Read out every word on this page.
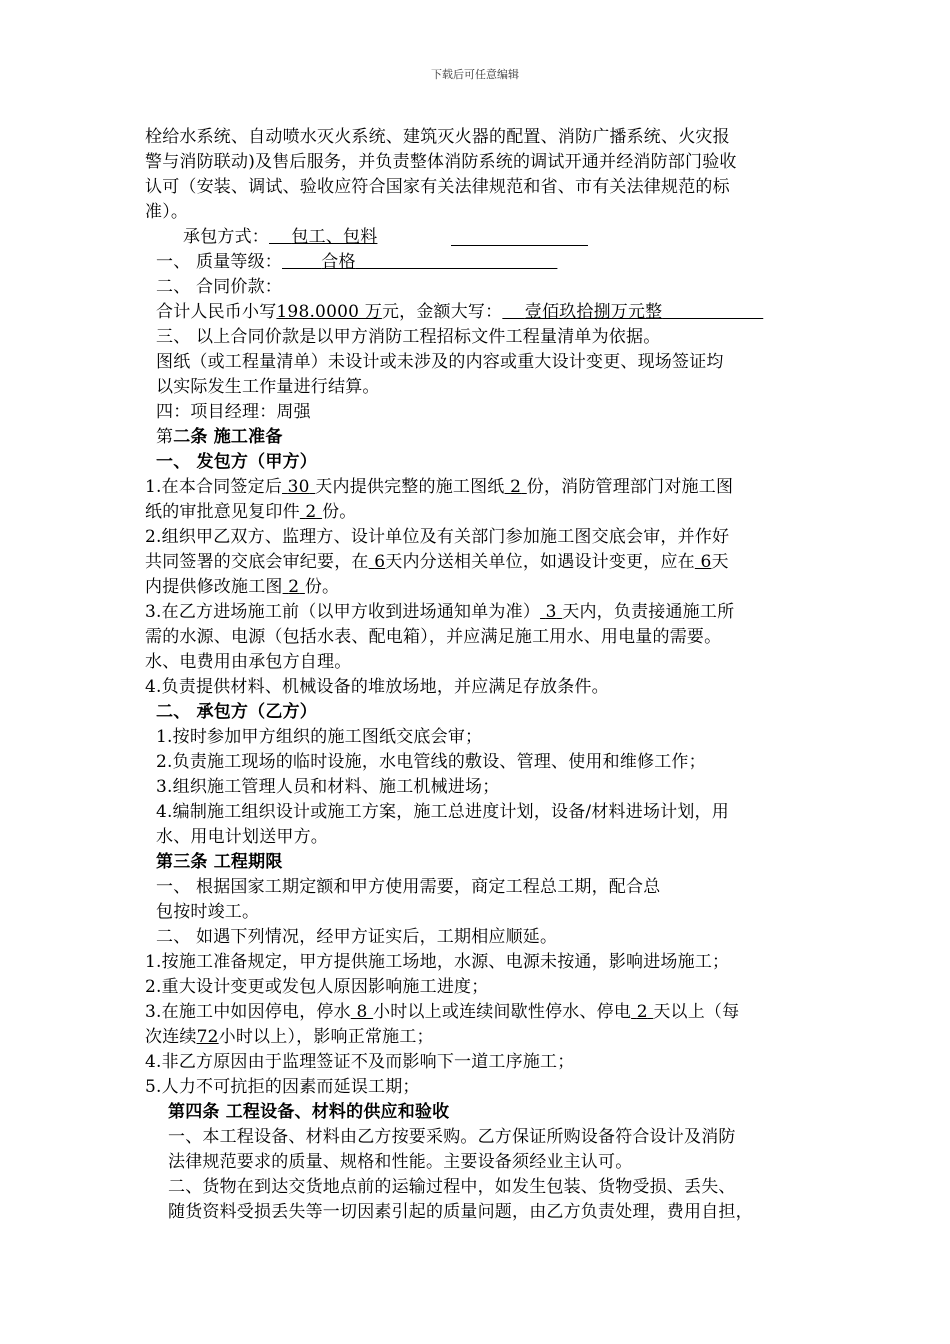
下载后可任意编辑
栓给水系统、自动喷水灭火系统、建筑灭火器的配置、消防广播系统、火灾报
警与消防联动)及售后服务，并负责整体消防系统的调试开通并经消防部门验收
认可（安装、调试、验收应符合国家有关法律规范和省、市有关法律规范的标
准）。
承包方式： 包工、包料
一、 质量等级： 合格
二、 合同价款：
合计人民币小写198.0000 万元，金额大写： 壹佰玖拾捌万元整
三、 以上合同价款是以甲方消防工程招标文件工程量清单为依据。
图纸（或工程量清单）未设计或未涉及的内容或重大设计变更、现场签证均
以实际发生工作量进行结算。
四：项目经理：周强
第二条 施工准备
一、 发包方（甲方）
1.在本合同签定后 30 天内提供完整的施工图纸 2 份，消防管理部门对施工图
纸的审批意见复印件 2 份。
2.组织甲乙双方、监理方、设计单位及有关部门参加施工图交底会审，并作好
共同签署的交底会审纪要，在 6天内分送相关单位，如遇设计变更，应在 6天
内提供修改施工图 2 份。
3.在乙方进场施工前（以甲方收到进场通知单为准） 3 天内，负责接通施工所
需的水源、电源（包括水表、配电箱），并应满足施工用水、用电量的需要。
水、电费用由承包方自理。
4.负责提供材料、机械设备的堆放场地，并应满足存放条件。
二、 承包方（乙方）
1.按时参加甲方组织的施工图纸交底会审；
2.负责施工现场的临时设施，水电管线的敷设、管理、使用和维修工作；
3.组织施工管理人员和材料、施工机械进场；
4.编制施工组织设计或施工方案，施工总进度计划，设备/材料进场计划，用
水、用电计划送甲方。
第三条 工程期限
一、 根据国家工期定额和甲方使用需要，商定工程总工期，配合总
包按时竣工。
二、 如遇下列情况，经甲方证实后，工期相应顺延。
1.按施工准备规定，甲方提供施工场地，水源、电源未按通，影响进场施工；
2.重大设计变更或发包人原因影响施工进度；
3.在施工中如因停电，停水 8 小时以上或连续间歇性停水、停电 2 天以上（每
次连续72小时以上），影响正常施工；
4.非乙方原因由于监理签证不及而影响下一道工序施工；
5.人力不可抗拒的因素而延误工期；
第四条 工程设备、材料的供应和验收
一、本工程设备、材料由乙方按要采购。乙方保证所购设备符合设计及消防
法律规范要求的质量、规格和性能。主要设备须经业主认可。
二、货物在到达交货地点前的运输过程中，如发生包装、货物受损、丢失、
随货资料受损丢失等一切因素引起的质量问题，由乙方负责处理，费用自担，
